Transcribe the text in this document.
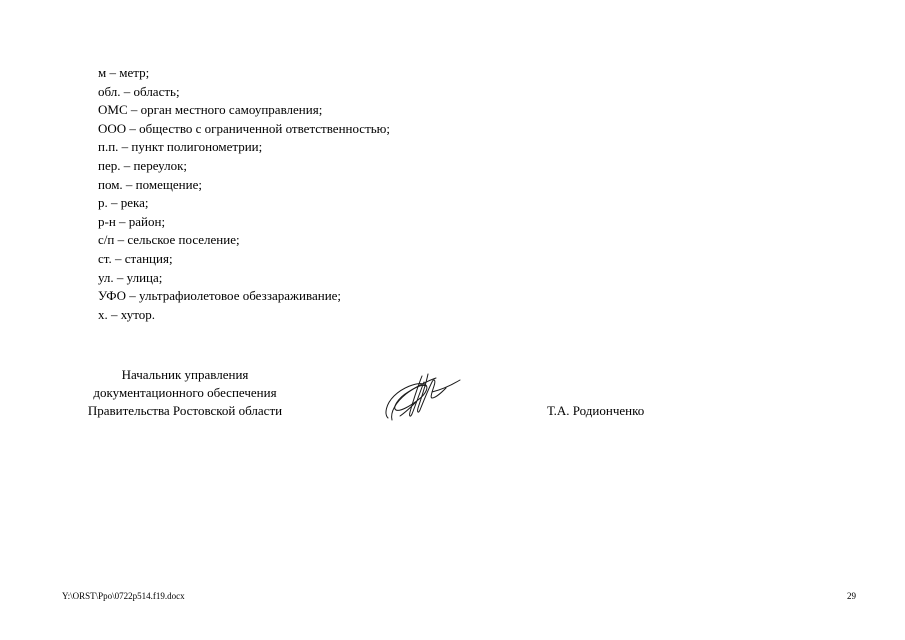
м – метр;
обл. – область;
ОМС – орган местного самоуправления;
ООО – общество с ограниченной ответственностью;
п.п. – пункт полигонометрии;
пер. – переулок;
пом. – помещение;
р. – река;
р-н – район;
с/п – сельское поселение;
ст. – станция;
ул. – улица;
УФО – ультрафиолетовое обеззараживание;
х. – хутор.
Начальник управления
документационного обеспечения
Правительства Ростовской области	Т.А. Родионченко
Y:\ORST\Ppo\0722p514.f19.docx	29
